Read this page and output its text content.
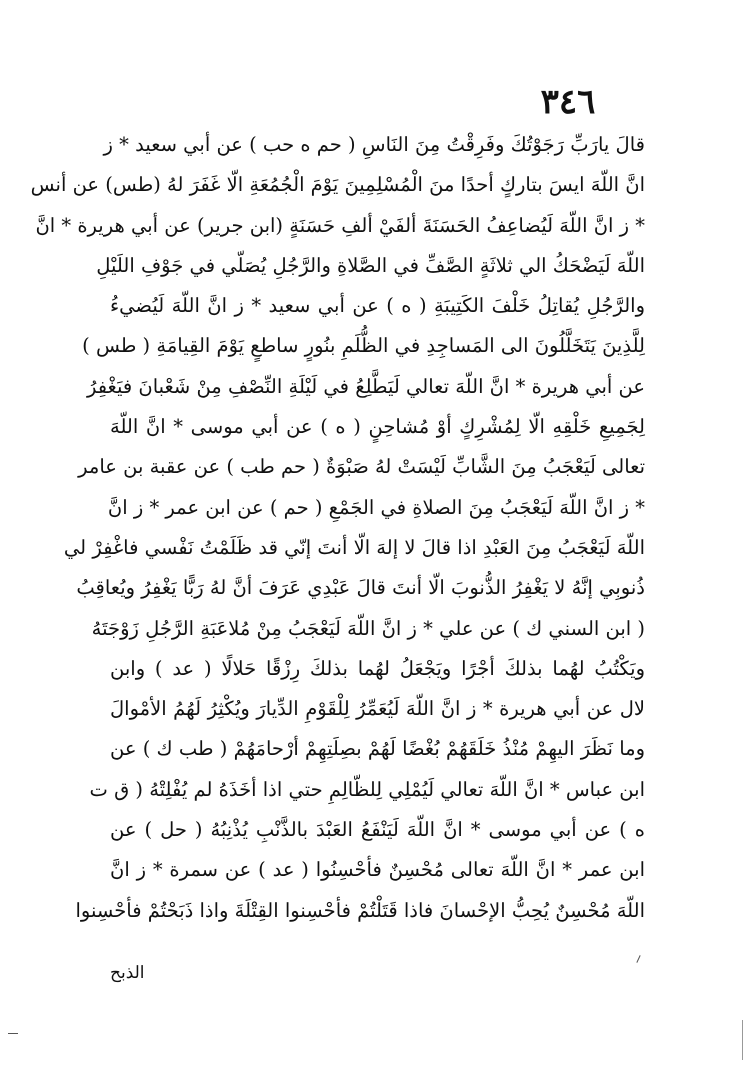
٣٤٦
قالَ يارَبِّ رَجَوْتُكَ وفَرِقْتُ مِنَ النَاسِ ( حم ه حب ) عن أبي سعيد * ز
انَّ اللّهَ ايسَ بتاركٍ أحدًا منَ الْمُسْلِمِينَ يَوْمَ الْجُمُعَةِ الّا غَفَرَ لهُ (طس) عن أنس
* ز انَّ اللّهَ لَيُضاعِفُ الحَسَنَةَ ألفَيْ ألفِ حَسَنَةٍ (ابن جرير) عن أبي هريرة * انَّ
اللّهَ لَيَضْحَكُ الي ثلاثَةٍ الصَّفِّ في الصَّلاةِ والرَّجُلِ يُصَلّي في جَوْفِ اللَيْلِ
والرَّجُلِ يُقاتِلُ خَلْفَ الكَتِيبَةِ ( ه ) عن أبي سعيد * ز انَّ اللّهَ لَيُضيءُ
لِلَّذِينَ يَتَخَلَّلُونَ الى المَساجِدِ في الظُّلَمِ بنُورٍ ساطعٍ يَوْمَ القِيامَةِ ( طس )
عن أبي هريرة * انَّ اللّهَ تعالي لَيَطَّلِعُ في لَيْلَةِ النِّصْفِ مِنْ شَعْبانَ فيَغْفِرُ
لِجَمِيعِ خَلْقِهِ الّا لِمُشْرِكٍ أوْ مُشاحِنٍ ( ه ) عن أبي موسى * انَّ اللّهَ
تعالى لَيَعْجَبُ مِنَ الشَّابِّ لَيْسَتْ لهُ صَبْوَةٌ ( حم طب ) عن عقبة بن عامر
* ز انَّ اللّهَ لَيَعْجَبُ مِنَ الصلاةِ في الجَمْعِ ( حم ) عن ابن عمر * ز انَّ
اللّهَ لَيَعْجَبُ مِنَ العَبْدِ اذا قالَ لا إلهَ الّا أنتَ إنّي قد ظَلَمْتُ نَفْسي فاغْفِرْ لي
ذُنوبِي إنَّهُ لا يَغْفِرُ الذُّنوبَ الّا أنتَ قالَ عَبْدِي عَرَفَ أنَّ لهُ رَبًّا يَغْفِرُ ويُعاقِبُ
( ابن السني ك ) عن علي * ز انَّ اللّهَ لَيَعْجَبُ مِنْ مُلاعَبَةِ الرَّجُلِ زَوْجَتَهُ
ويَكْتُبُ لهُما بذلكَ أجْرًا ويَجْعَلُ لهُما بذلكَ رِزْقًا حَلالًا ( عد ) وابن
لال عن أبي هريرة * ز انَّ اللّهَ لَيُعَمِّرُ لِلْقَوْمِ الدِّيارَ ويُكْثِرُ لَهُمُ الأمْوالَ
وما نَظَرَ اليهِمْ مُنْذُ خَلَقَهُمْ بُغْضًا لَهُمْ بصِلَتِهِمْ أرْحامَهُمْ ( طب ك ) عن
ابن عباس * انَّ اللّهَ تعالي لَيُمْلِي لِلظّالِمِ حتي اذا أخَذَهُ لم يُفْلِتْهُ ( ق ت
ه ) عن أبي موسى * انَّ اللّهَ لَيَنْفَعُ العَبْدَ بالذَّنْبِ يُذْنِبُهُ ( حل ) عن
ابن عمر * انَّ اللّهَ تعالى مُحْسِنٌ فأحْسِنُوا ( عد ) عن سمرة * ز انَّ
اللّهَ مُحْسِنٌ يُحِبُّ الإحْسانَ فاذا قَتَلْتُمْ فأحْسِنوا القِتْلَةَ واذا ذَبَحْتُمْ فأحْسِنوا
الذبح
